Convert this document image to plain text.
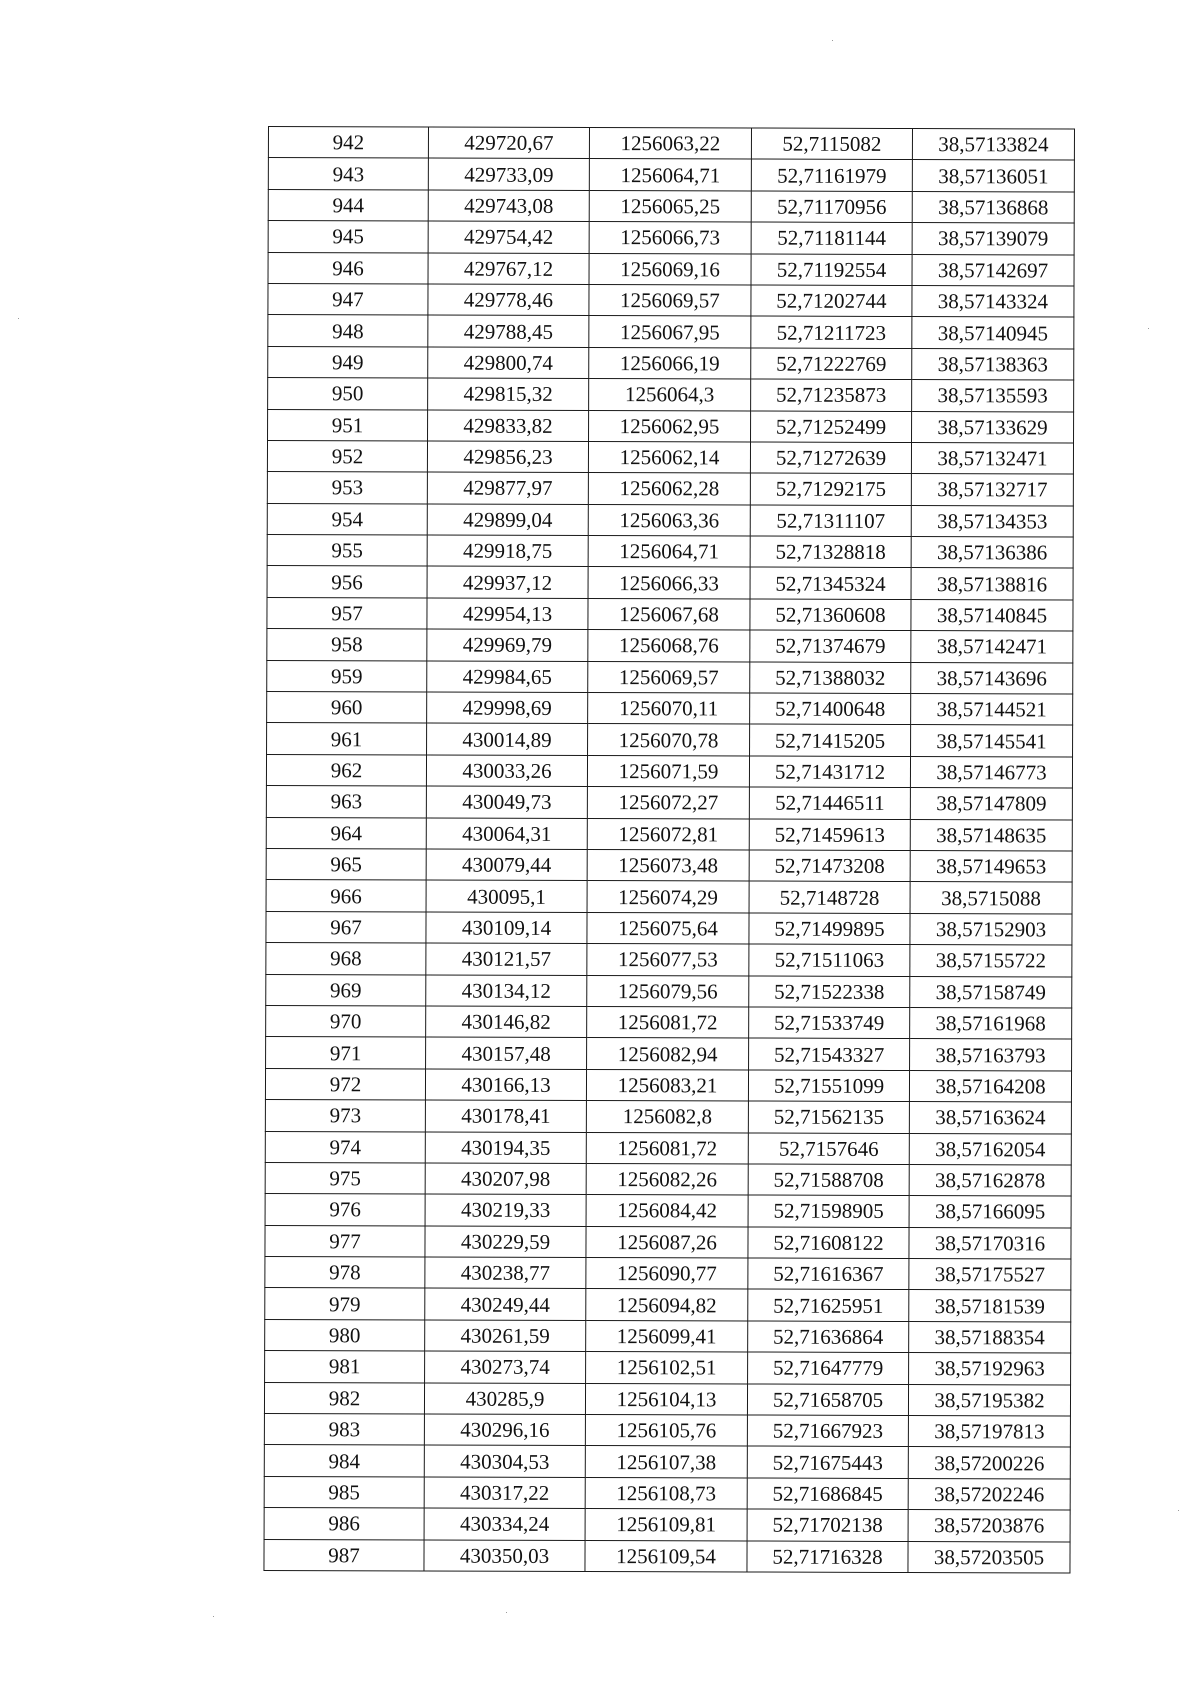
942	429720,67	1256063,22	52,7115082	38,57133824
943	429733,09	1256064,71	52,71161979	38,57136051
944	429743,08	1256065,25	52,71170956	38,57136868
945	429754,42	1256066,73	52,71181144	38,57139079
946	429767,12	1256069,16	52,71192554	38,57142697
947	429778,46	1256069,57	52,71202744	38,57143324
948	429788,45	1256067,95	52,71211723	38,57140945
949	429800,74	1256066,19	52,71222769	38,57138363
950	429815,32	1256064,3	52,71235873	38,57135593
951	429833,82	1256062,95	52,71252499	38,57133629
952	429856,23	1256062,14	52,71272639	38,57132471
953	429877,97	1256062,28	52,71292175	38,57132717
954	429899,04	1256063,36	52,71311107	38,57134353
955	429918,75	1256064,71	52,71328818	38,57136386
956	429937,12	1256066,33	52,71345324	38,57138816
957	429954,13	1256067,68	52,71360608	38,57140845
958	429969,79	1256068,76	52,71374679	38,57142471
959	429984,65	1256069,57	52,71388032	38,57143696
960	429998,69	1256070,11	52,71400648	38,57144521
961	430014,89	1256070,78	52,71415205	38,57145541
962	430033,26	1256071,59	52,71431712	38,57146773
963	430049,73	1256072,27	52,71446511	38,57147809
964	430064,31	1256072,81	52,71459613	38,57148635
965	430079,44	1256073,48	52,71473208	38,57149653
966	430095,1	1256074,29	52,7148728	38,5715088
967	430109,14	1256075,64	52,71499895	38,57152903
968	430121,57	1256077,53	52,71511063	38,57155722
969	430134,12	1256079,56	52,71522338	38,57158749
970	430146,82	1256081,72	52,71533749	38,57161968
971	430157,48	1256082,94	52,71543327	38,57163793
972	430166,13	1256083,21	52,71551099	38,57164208
973	430178,41	1256082,8	52,71562135	38,57163624
974	430194,35	1256081,72	52,7157646	38,57162054
975	430207,98	1256082,26	52,71588708	38,57162878
976	430219,33	1256084,42	52,71598905	38,57166095
977	430229,59	1256087,26	52,71608122	38,57170316
978	430238,77	1256090,77	52,71616367	38,57175527
979	430249,44	1256094,82	52,71625951	38,57181539
980	430261,59	1256099,41	52,71636864	38,57188354
981	430273,74	1256102,51	52,71647779	38,57192963
982	430285,9	1256104,13	52,71658705	38,57195382
983	430296,16	1256105,76	52,71667923	38,57197813
984	430304,53	1256107,38	52,71675443	38,57200226
985	430317,22	1256108,73	52,71686845	38,57202246
986	430334,24	1256109,81	52,71702138	38,57203876
987	430350,03	1256109,54	52,71716328	38,57203505
